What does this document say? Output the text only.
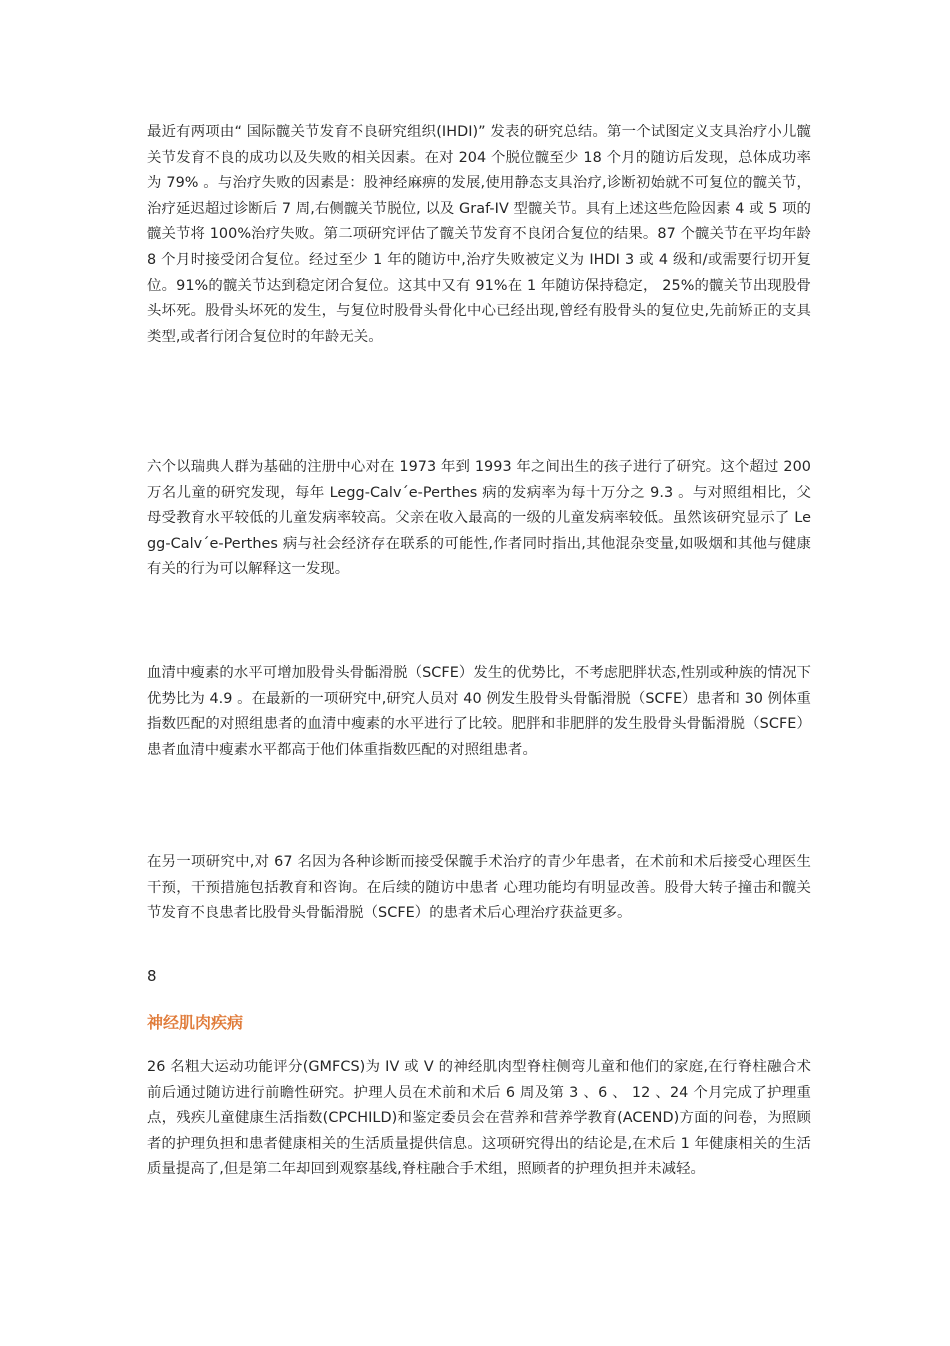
最近有两项由“ 国际髋关节发育不良研究组织(IHDI)” 发表的研究总结。第一个试图定义支具治疗小儿髋关节发育不良的成功以及失败的相关因素。在对 204 个脱位髋至少 18 个月的随访后发现，总体成功率为 79% 。与治疗失败的因素是：股神经麻痹的发展,使用静态支具治疗,诊断初始就不可复位的髋关节，治疗延迟超过诊断后 7 周,右侧髋关节脱位, 以及 Graf-IV 型髋关节。具有上述这些危险因素 4 或 5 项的髋关节将 100%治疗失败。第二项研究评估了髋关节发育不良闭合复位的结果。87 个髋关节在平均年龄 8 个月时接受闭合复位。经过至少 1 年的随访中,治疗失败被定义为 IHDI 3 或 4 级和/或需要行切开复位。91%的髋关节达到稳定闭合复位。这其中又有 91%在 1 年随访保持稳定， 25%的髋关节出现股骨头坏死。股骨头坏死的发生，与复位时股骨头骨化中心已经出现,曾经有股骨头的复位史,先前矫正的支具类型,或者行闭合复位时的年龄无关。

六个以瑞典人群为基础的注册中心对在 1973 年到 1993 年之间出生的孩子进行了研究。这个超过 200 万名儿童的研究发现，每年 Legg-Calv´e-Perthes 病的发病率为每十万分之 9.3 。与对照组相比，父母受教育水平较低的儿童发病率较高。父亲在收入最高的一级的儿童发病率较低。虽然该研究显示了 Legg-Calv´e-Perthes 病与社会经济存在联系的可能性,作者同时指出,其他混杂变量,如吸烟和其他与健康有关的行为可以解释这一发现。

血清中瘦素的水平可增加股骨头骨骺滑脱（SCFE）发生的优势比，不考虑肥胖状态,性别或种族的情况下优势比为 4.9 。在最新的一项研究中,研究人员对 40 例发生股骨头骨骺滑脱（SCFE）患者和 30 例体重指数匹配的对照组患者的血清中瘦素的水平进行了比较。肥胖和非肥胖的发生股骨头骨骺滑脱（SCFE）患者血清中瘦素水平都高于他们体重指数匹配的对照组患者。

在另一项研究中,对 67 名因为各种诊断而接受保髋手术治疗的青少年患者，在术前和术后接受心理医生干预，干预措施包括教育和咨询。在后续的随访中患者 心理功能均有明显改善。股骨大转子撞击和髋关节发育不良患者比股骨头骨骺滑脱（SCFE）的患者术后心理治疗获益更多。

8

神经肌肉疾病

26 名粗大运动功能评分(GMFCS)为 IV 或 V 的神经肌肉型脊柱侧弯儿童和他们的家庭,在行脊柱融合术前后通过随访进行前瞻性研究。护理人员在术前和术后 6 周及第 3 、6 、 12 、24 个月完成了护理重点，残疾儿童健康生活指数(CPCHILD)和鉴定委员会在营养和营养学教育(ACEND)方面的问卷，为照顾者的护理负担和患者健康相关的生活质量提供信息。这项研究得出的结论是,在术后 1 年健康相关的生活质量提高了,但是第二年却回到观察基线,脊柱融合手术组，照顾者的护理负担并未减轻。
